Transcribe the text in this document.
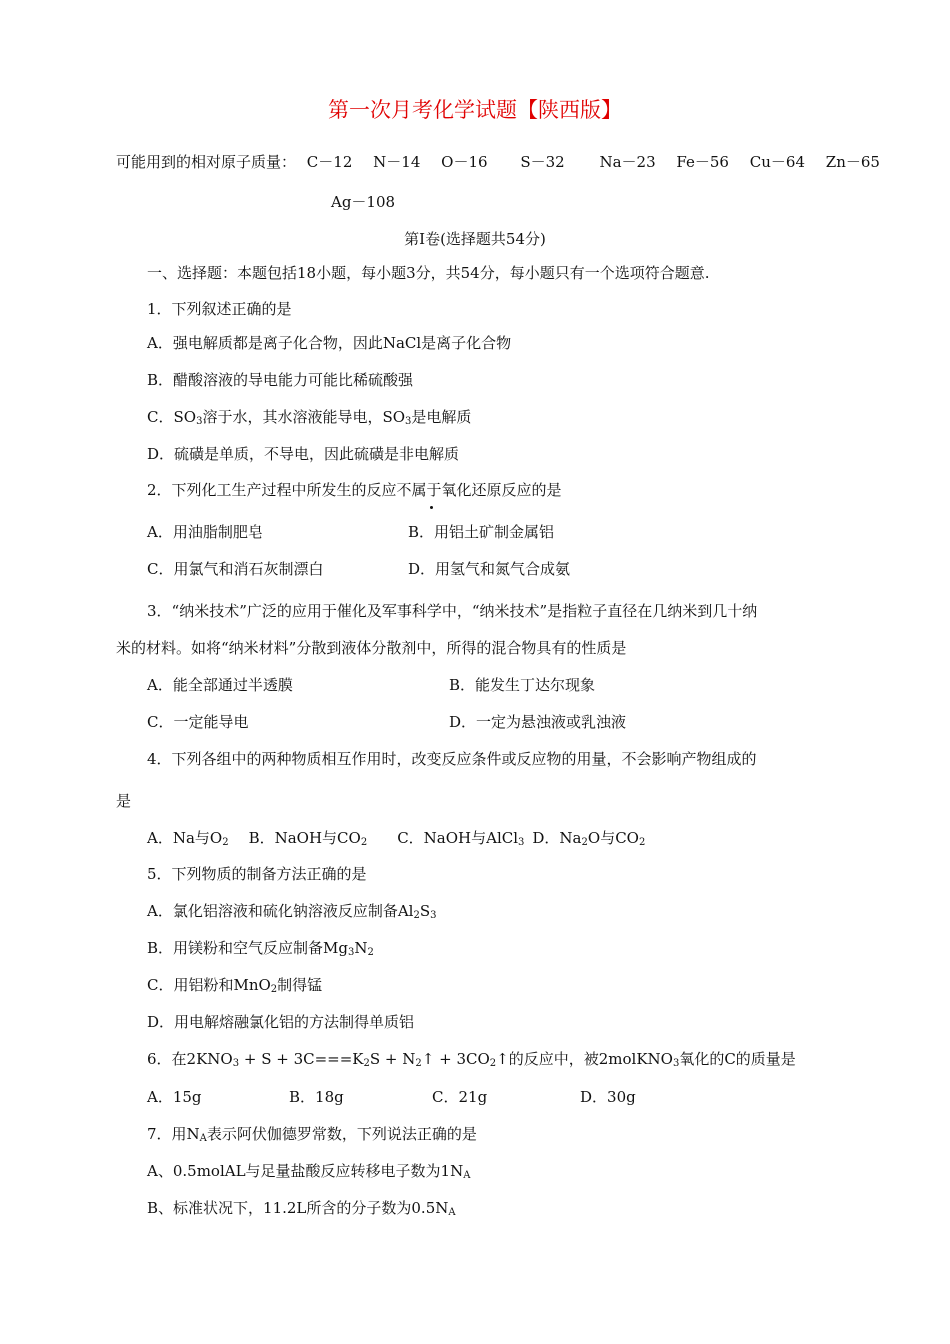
第一次月考化学试题【陕西版】
可能用到的相对原子质量： C－12 N－14 O－16 S－32 Na－23 Fe－56 Cu－64 Zn－65
Ag－108
第Ⅰ卷(选择题共54分)
一、选择题：本题包括18小题，每小题3分，共54分，每小题只有一个选项符合题意.
1．下列叙述正确的是
A．强电解质都是离子化合物，因此NaCl是离子化合物
B．醋酸溶液的导电能力可能比稀硫酸强
C．$SO_3$溶于水，其水溶液能导电，$SO_3$是电解质
D．硫磺是单质，不导电，因此硫磺是非电解质
2．下列化工生产过程中所发生的反应不属于氧化还原反应的是
A．用油脂制肥皂	B．用铝土矿制金属铝
C．用氯气和消石灰制漂白	D．用氢气和氮气合成氨
3．“纳米技术”广泛的应用于催化及军事科学中，“纳米技术”是指粒子直径在几纳米到几十纳
米的材料。如将“纳米材料”分散到液体分散剂中，所得的混合物具有的性质是
A．能全部通过半透膜	B．能发生丁达尔现象
C．一定能导电	D．一定为悬浊液或乳浊液
4．下列各组中的两种物质相互作用时，改变反应条件或反应物的用量，不会影响产物组成的
是
A．Na与$O_2$ B．NaOH与$CO_2$ C．NaOH与AlCl$_3$ D．$Na_2O$与$CO_2$
5．下列物质的制备方法正确的是
A．氯化铝溶液和硫化钠溶液反应制备$Al_2S_3$
B．用镁粉和空气反应制备$Mg_3N_2$
C．用铝粉和MnO$_2$制得锰
D．用电解熔融氯化铝的方法制得单质铝
6．在$2KNO_3 + S + 3C===K_2S$ + $N_2↑$ + $3CO_2↑$的反应中，被2molKNO$_3$氧化的C的质量是
A．15g	B．18g	C．21g	D．30g
7．用$N_A$表示阿伏伽德罗常数，下列说法正确的是
A、0.5molAL与足量盐酸反应转移电子数为$1N_A$
B、标准状况下，11.2L所含的分子数为$0.5N_A$
